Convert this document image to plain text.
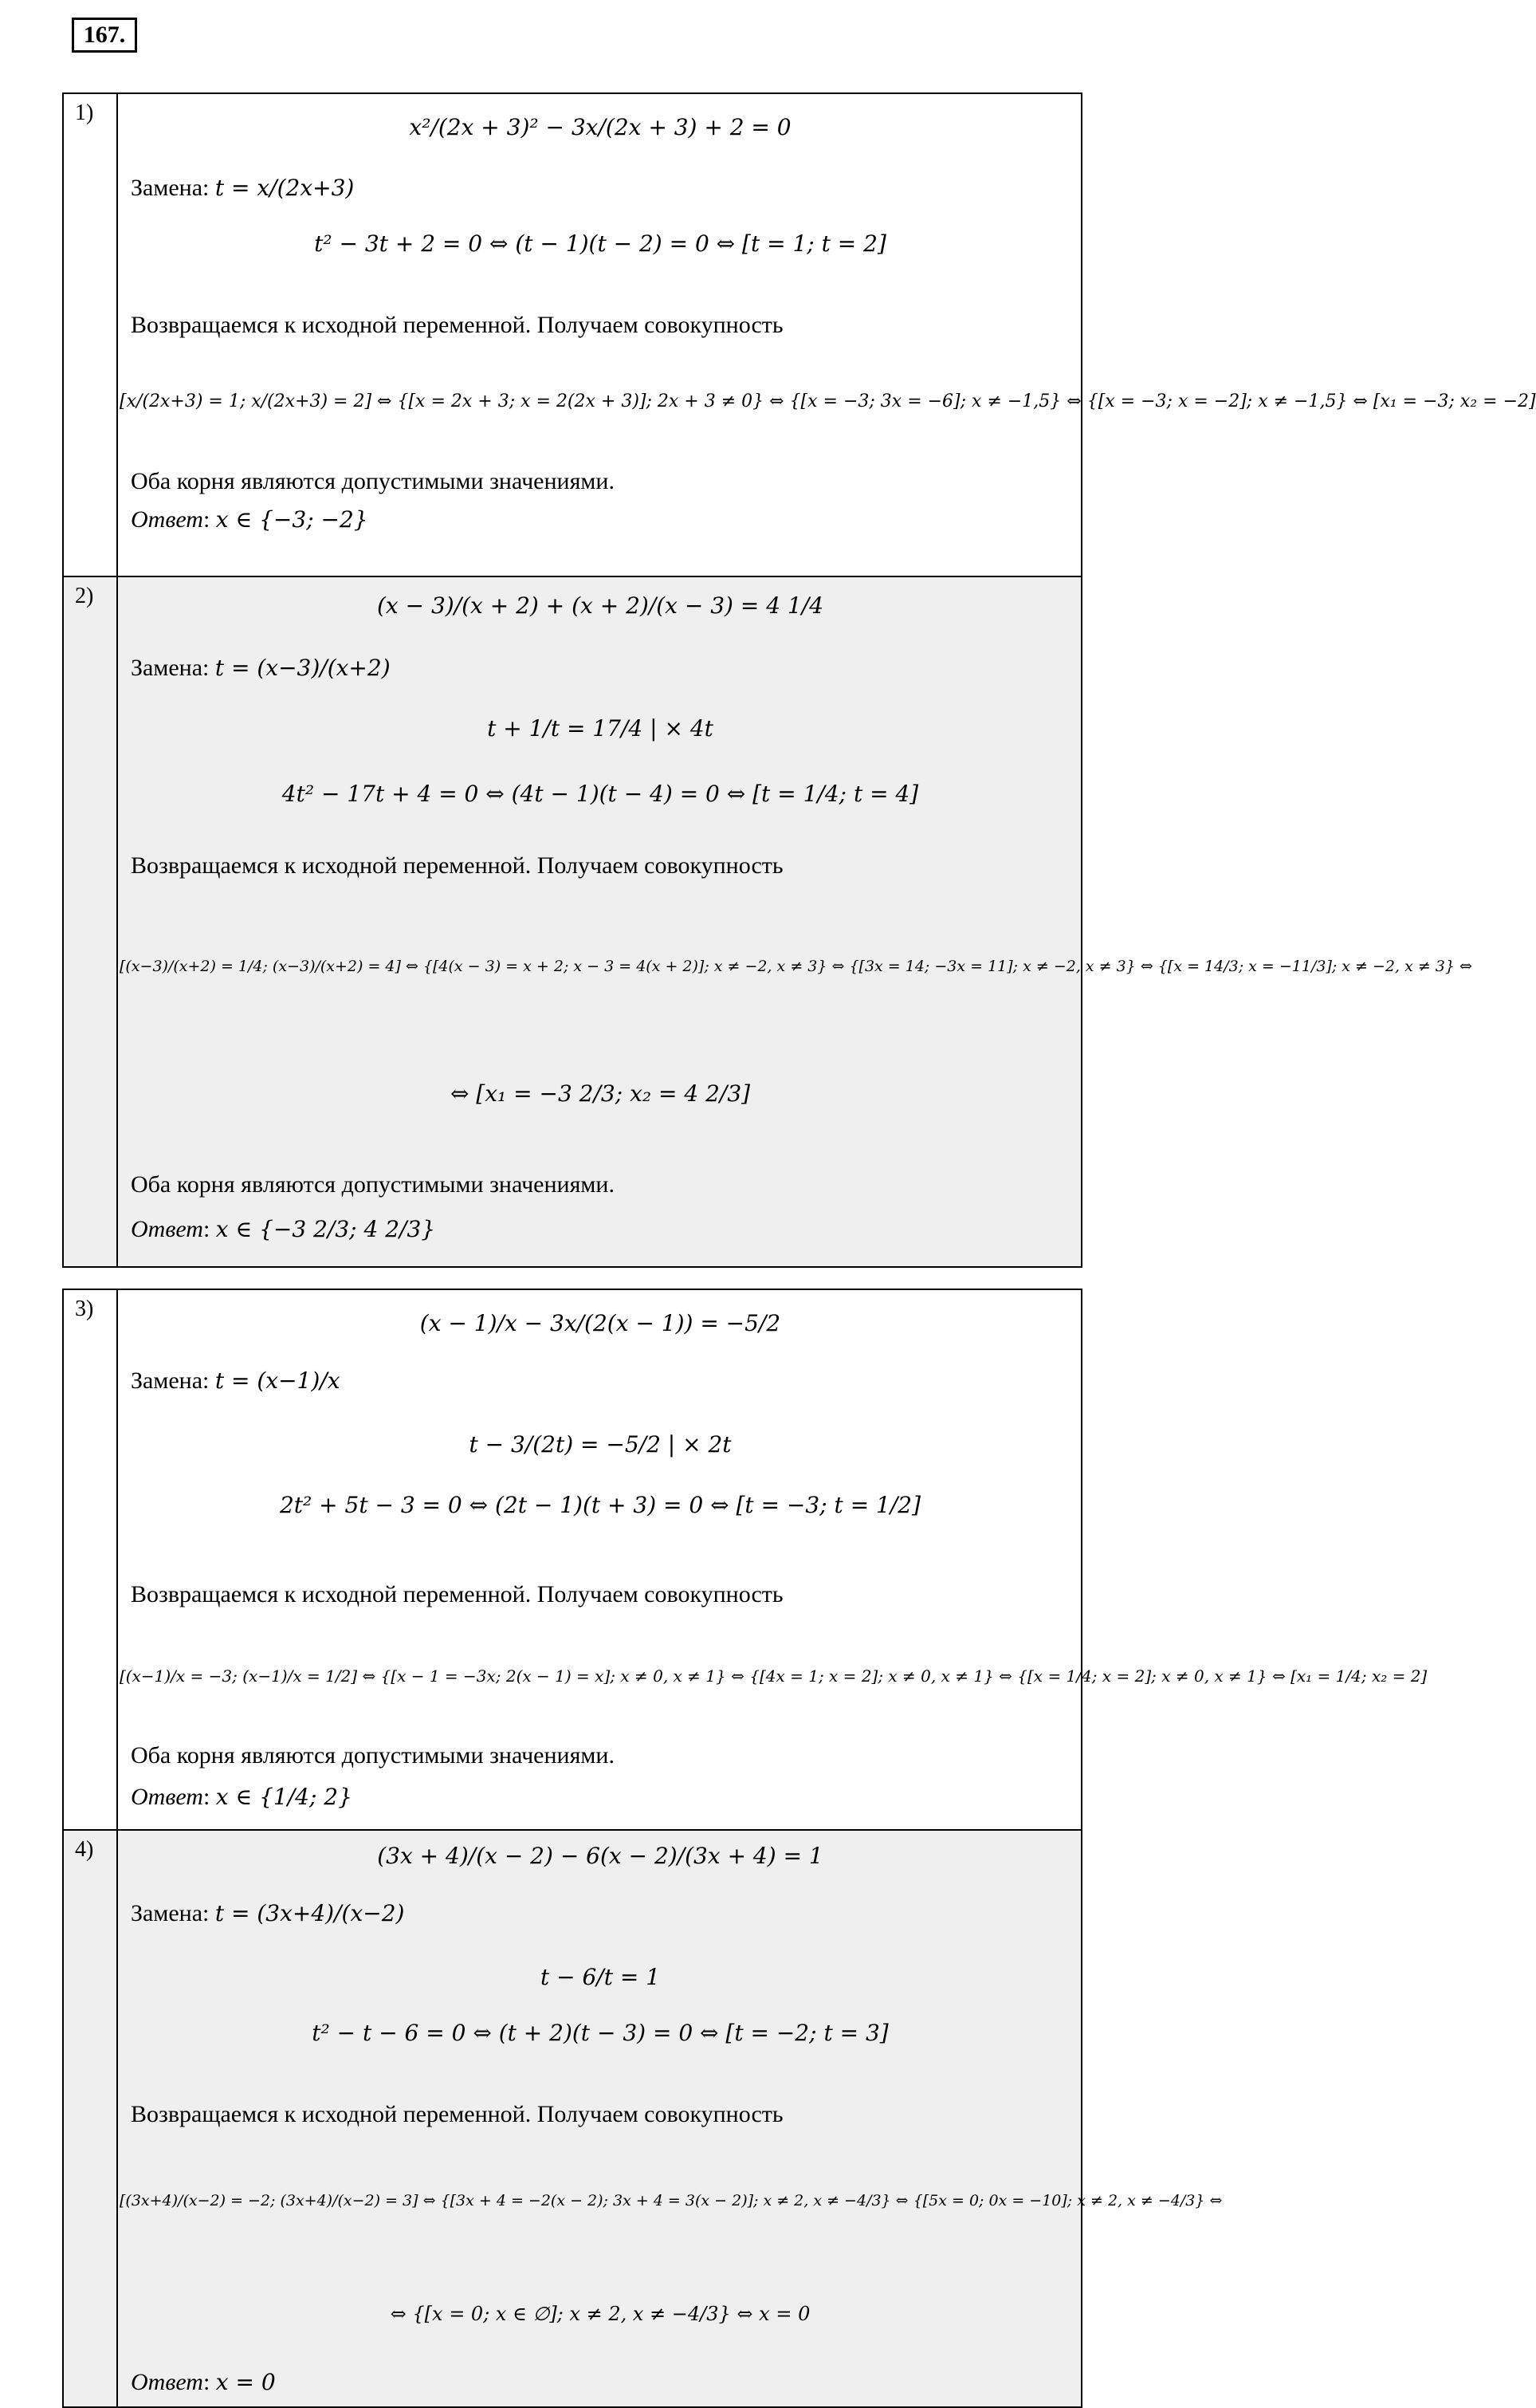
167.
1)
x²/(2x + 3)² − 3x/(2x + 3) + 2 = 0
Замена: t = x/(2x+3)
t² − 3t + 2 = 0 ⇔ (t − 1)(t − 2) = 0 ⇔ [t = 1; t = 2]
Возвращаемся к исходной переменной. Получаем совокупность
[x/(2x+3) = 1; x/(2x+3) = 2] ⇔ {[x = 2x + 3; x = 2(2x + 3)]; 2x + 3 ≠ 0} ⇔ {[x = −3; 3x = −6]; x ≠ −1,5} ⇔ {[x = −3; x = −2]; x ≠ −1,5} ⇔ [x₁ = −3; x₂ = −2]
Оба корня являются допустимыми значениями.
Ответ: x ∈ {−3; −2}
2)	(x − 3)/(x + 2) + (x + 2)/(x − 3) = 4 1/4
Замена: t = (x−3)/(x+2)
t + 1/t = 17/4 | × 4t
4t² − 17t + 4 = 0 ⇔ (4t − 1)(t − 4) = 0 ⇔ [t = 1/4; t = 4]
Возвращаемся к исходной переменной. Получаем совокупность
[(x−3)/(x+2) = 1/4; (x−3)/(x+2) = 4] ⇔ {[4(x − 3) = x + 2; x − 3 = 4(x + 2)]; x ≠ −2, x ≠ 3} ⇔ {[3x = 14; −3x = 11]; x ≠ −2, x ≠ 3} ⇔ {[x = 14/3; x = −11/3]; x ≠ −2, x ≠ 3} ⇔
⇔ [x₁ = −3 2/3; x₂ = 4 2/3]
Оба корня являются допустимыми значениями.
Ответ: x ∈ {−3 2/3; 4 2/3}
3)
(x − 1)/x − 3x/(2(x − 1)) = −5/2
Замена: t = (x−1)/x
t − 3/(2t) = −5/2 | × 2t
2t² + 5t − 3 = 0 ⇔ (2t − 1)(t + 3) = 0 ⇔ [t = −3; t = 1/2]
Возвращаемся к исходной переменной. Получаем совокупность
[(x−1)/x = −3; (x−1)/x = 1/2] ⇔ {[x − 1 = −3x; 2(x − 1) = x]; x ≠ 0, x ≠ 1} ⇔ {[4x = 1; x = 2]; x ≠ 0, x ≠ 1} ⇔ {[x = 1/4; x = 2]; x ≠ 0, x ≠ 1} ⇔ [x₁ = 1/4; x₂ = 2]
Оба корня являются допустимыми значениями.
Ответ: x ∈ {1/4; 2}
4)	(3x + 4)/(x − 2) − 6(x − 2)/(3x + 4) = 1
Замена: t = (3x+4)/(x−2)
t − 6/t = 1
t² − t − 6 = 0 ⇔ (t + 2)(t − 3) = 0 ⇔ [t = −2; t = 3]
Возвращаемся к исходной переменной. Получаем совокупность
[(3x+4)/(x−2) = −2; (3x+4)/(x−2) = 3] ⇔ {[3x + 4 = −2(x − 2); 3x + 4 = 3(x − 2)]; x ≠ 2, x ≠ −4/3} ⇔ {[5x = 0; 0x = −10]; x ≠ 2, x ≠ −4/3} ⇔
⇔ {[x = 0; x ∈ ∅]; x ≠ 2, x ≠ −4/3} ⇔ x = 0
Ответ: x = 0
